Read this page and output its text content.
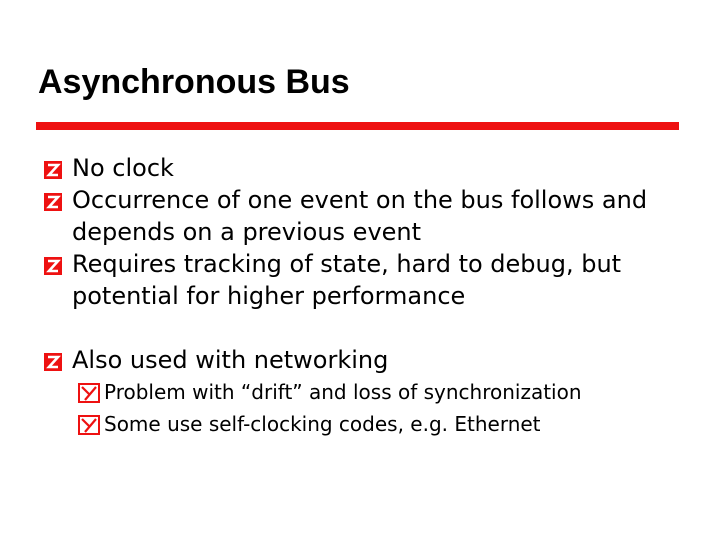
Asynchronous Bus
No clock
Occurrence of one event on the bus follows and depends on a previous event
Requires tracking of state, hard to debug, but potential for higher performance
Also used with networking
Problem with “drift” and loss of synchronization
Some use self-clocking codes, e.g. Ethernet
